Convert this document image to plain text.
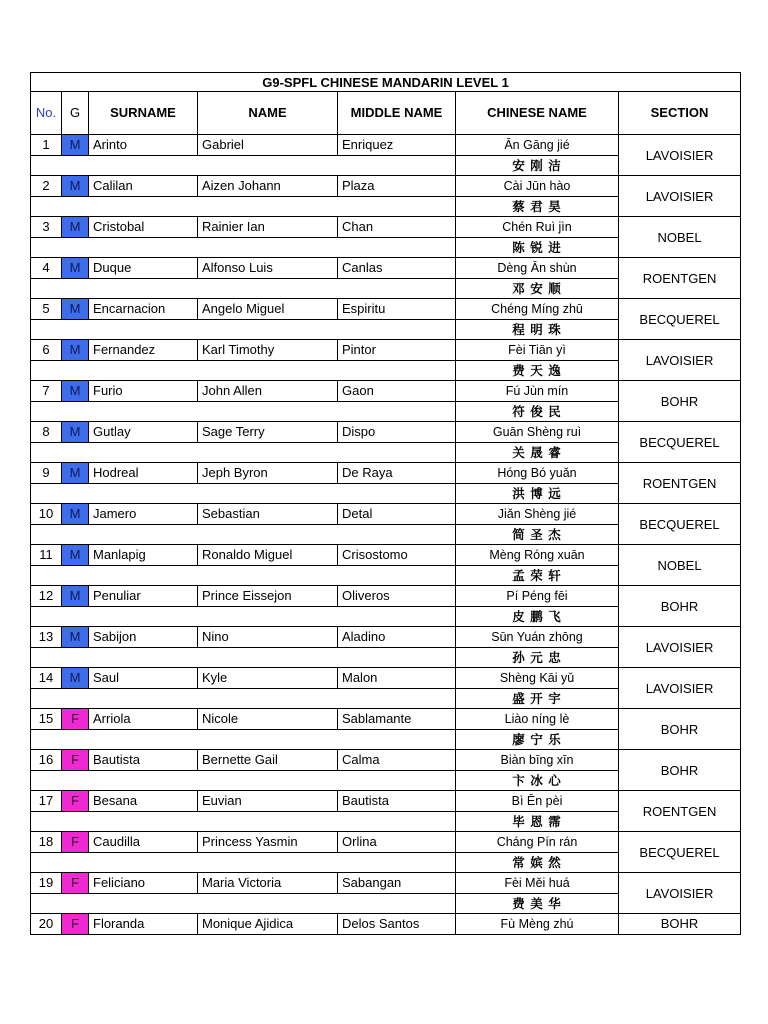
G9-SPFL CHINESE MANDARIN LEVEL 1						
No.	G	SURNAME	NAME	MIDDLE NAME	CHINESE NAME	SECTION
1	M	Arinto	Gabriel	Enriquez	Ān Gāng jié	LAVOISIER
					安 刚 洁	
2	M	Calilan	Aizen Johann	Plaza	Cài Jūn hào	LAVOISIER
					蔡 君 昊	
3	M	Cristobal	Rainier Ian	Chan	Chén Ruì jìn	NOBEL
					陈 锐 进	
4	M	Duque	Alfonso Luis	Canlas	Dèng Ān shùn	ROENTGEN
					邓 安 顺	
5	M	Encarnacion	Angelo Miguel	Espiritu	Chéng Míng zhū	BECQUEREL
					程 明 珠	
6	M	Fernandez	Karl Timothy	Pintor	Fèi Tiān yì	LAVOISIER
					费 天 逸	
7	M	Furio	John Allen	Gaon	Fú Jùn mín	BOHR
					符 俊 民	
8	M	Gutlay	Sage Terry	Dispo	Guān Shèng ruì	BECQUEREL
					关 晟 睿	
9	M	Hodreal	Jeph Byron	De Raya	Hóng Bó yuǎn	ROENTGEN
					洪 博 远	
10	M	Jamero	Sebastian	Detal	Jiǎn Shèng jié	BECQUEREL
					简 圣 杰	
11	M	Manlapig	Ronaldo Miguel	Crisostomo	Mèng Róng xuān	NOBEL
					孟 荣 轩	
12	M	Penuliar	Prince Eissejon	Oliveros	Pí Péng fēi	BOHR
					皮 鹏 飞	
13	M	Sabijon	Nino	Aladino	Sūn Yuán zhōng	LAVOISIER
					孙 元 忠	
14	M	Saul	Kyle	Malon	Shèng Kāi yǔ	LAVOISIER
					盛 开 宇	
15	F	Arriola	Nicole	Sablamante	Liào níng lè	BOHR
					廖 宁 乐	
16	F	Bautista	Bernette Gail	Calma	Biàn bīng xīn	BOHR
					卞 冰 心	
17	F	Besana	Euvian	Bautista	Bì Ēn pèi	ROENTGEN
					毕 恩 霈	
18	F	Caudilla	Princess Yasmin	Orlina	Cháng Pín rán	BECQUEREL
					常 嫔 然	
19	F	Feliciano	Maria Victoria	Sabangan	Fèi Měi huá	LAVOISIER
					费 美 华	
20	F	Floranda	Monique Ajidica	Delos Santos	Fù Mèng zhú	BOHR
